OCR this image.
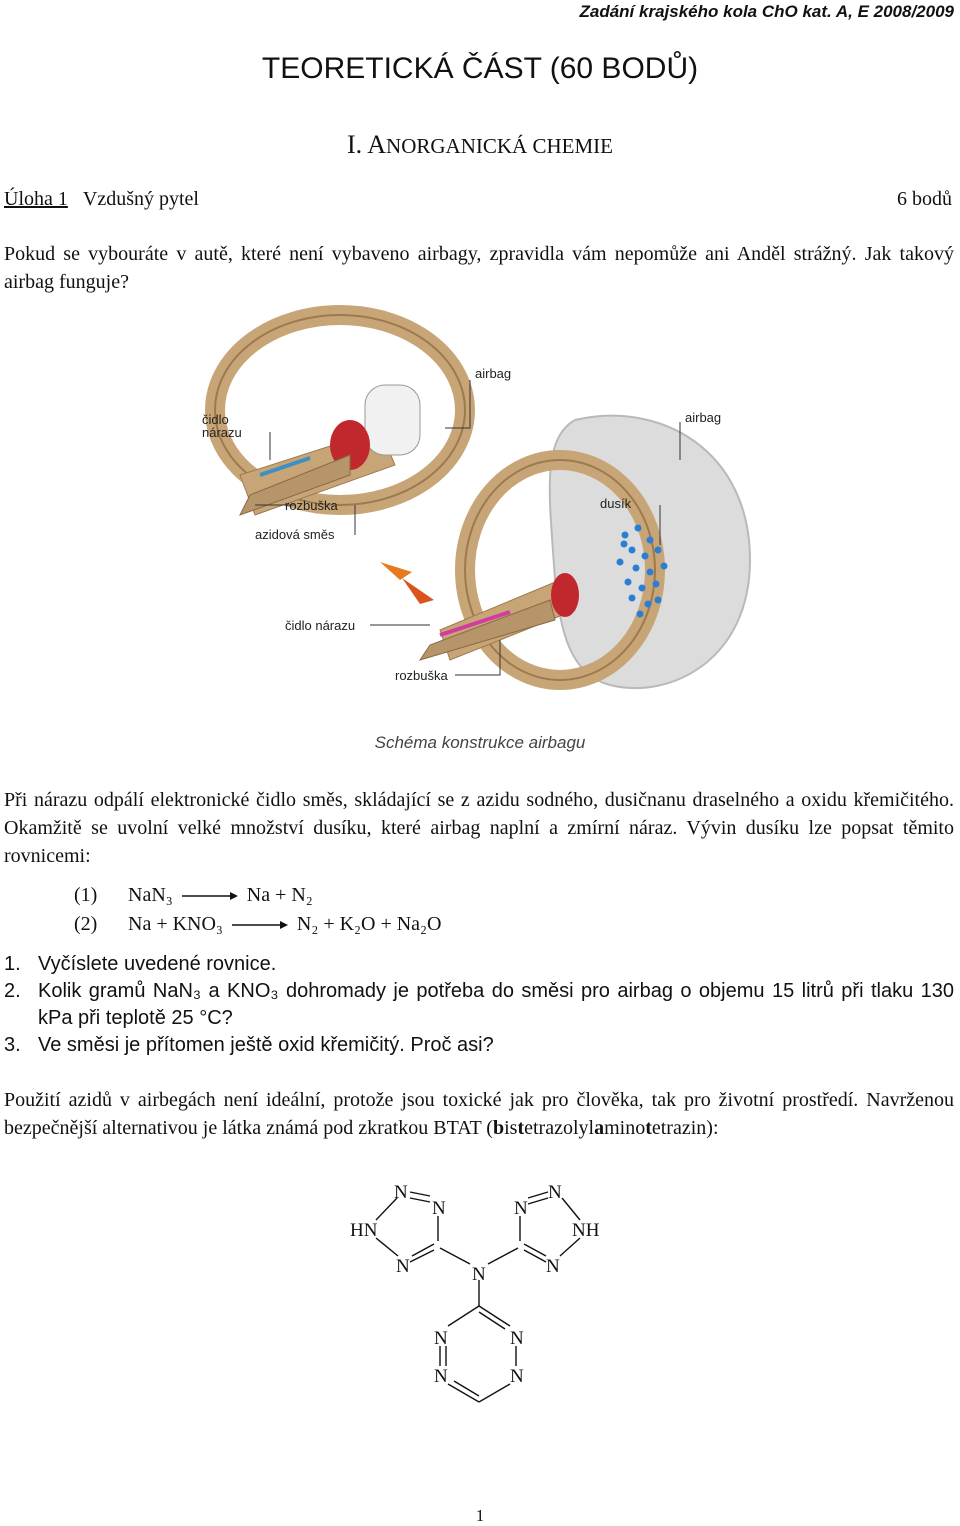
Zadání krajského kola ChO kat. A, E 2008/2009
TEORETICKÁ ČÁST (60 BODŮ)
I. ANORGANICKÁ CHEMIE
Úloha 1 Vzdušný pytel	6 bodů
Pokud se vybouráte v autě, které není vybaveno airbagy, zpravidla vám nepomůže ani Anděl strážný. Jak takový airbag funguje?
airbag
čidlo
nárazu
airbag
rozbuška	dusík
azidová směs
čidlo nárazu
rozbuška
Schéma konstrukce airbagu
Při nárazu odpálí elektronické čidlo směs, skládající se z azidu sodného, dusičnanu draselného a oxidu křemičitého. Okamžitě se uvolní velké množství dusíku, které airbag naplní a zmírní náraz. Vývin dusíku lze popsat těmito rovnicemi:
(1) NaN₃ → Na + N₂
(2) Na + KNO₃ → N₂ + K₂O + Na₂O
1. Vyčíslete uvedené rovnice.
2. Kolik gramů NaN₃ a KNO₃ dohromady je potřeba do směsi pro airbag o objemu 15 litrů při tlaku 130 kPa při teplotě 25 °C?
3. Ve směsi je přítomen ještě oxid křemičitý. Proč asi?
Použití azidů v airbegách není ideální, protože jsou toxické jak pro člověka, tak pro životní prostředí. Navrženou bezpečnější alternativou je látka známá pod zkratkou BTAT (bistetrazolylaminotetrazin):
N
N
HN
N
N
N
NH
N
N
N	N
N	N
1
